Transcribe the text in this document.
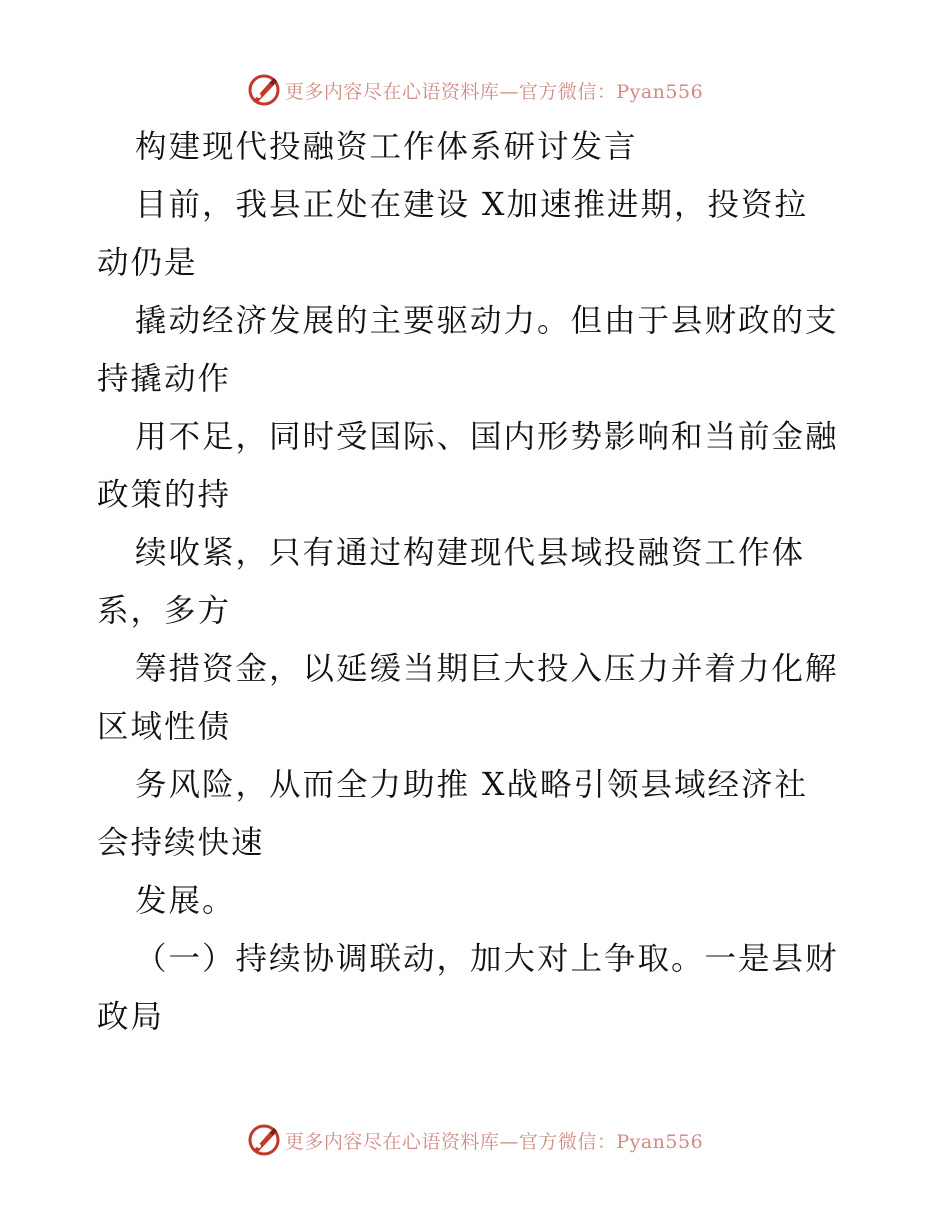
更多内容尽在心语资料库—官方微信：Pyan556
构建现代投融资工作体系研讨发言
目前，我县正处在建设 X加速推进期，投资拉
动仍是
撬动经济发展的主要驱动力。但由于县财政的支
持撬动作
用不足，同时受国际、国内形势影响和当前金融
政策的持
续收紧，只有通过构建现代县域投融资工作体
系，多方
筹措资金，以延缓当期巨大投入压力并着力化解
区域性债
务风险，从而全力助推 X战略引领县域经济社
会持续快速
发展。
（一）持续协调联动，加大对上争取。一是县财
政局
更多内容尽在心语资料库—官方微信：Pyan556
